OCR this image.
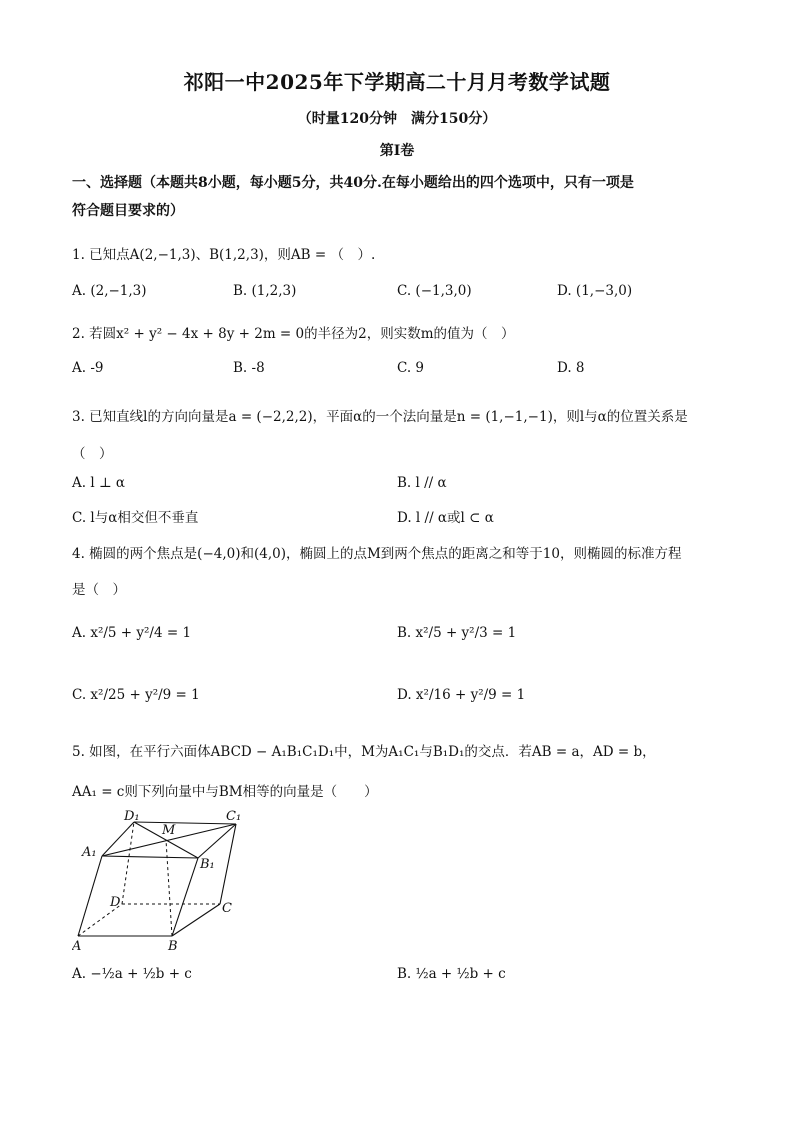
祁阳一中2025年下学期高二十月月考数学试题
（时量120分钟　满分150分）
第I卷
一、选择题（本题共8小题，每小题5分，共40分.在每小题给出的四个选项中，只有一项是
符合题目要求的）
1. 已知点A(2,−1,3)、B(1,2,3)，则AB = （　）.
A. (2,−1,3)	B. (1,2,3)	C. (−1,3,0)	D. (1,−3,0)
2. 若圆x² + y² − 4x + 8y + 2m = 0的半径为2，则实数m的值为（　）
A. -9	B. -8	C. 9	D. 8
3. 已知直线l的方向向量是a = (−2,2,2)，平面α的一个法向量是n = (1,−1,−1)，则l与α的位置关系是
（　）
A. l ⊥ α	B. l // α
C. l与α相交但不垂直	D. l // α或l ⊂ α
4. 椭圆的两个焦点是(−4,0)和(4,0)，椭圆上的点M到两个焦点的距离之和等于10，则椭圆的标准方程
是（　）
A. x²/5 + y²/4 = 1	B. x²/5 + y²/3 = 1
C. x²/25 + y²/9 = 1	D. x²/16 + y²/9 = 1
5. 如图，在平行六面体ABCD − A₁B₁C₁D₁中，M为A₁C₁与B₁D₁的交点．若AB = a，AD = b，
AA₁ = c则下列向量中与BM相等的向量是（　　）
D₁
M
C₁
A₁
B₁
D	C
A	B
A. −½a + ½b + c	B. ½a + ½b + c
